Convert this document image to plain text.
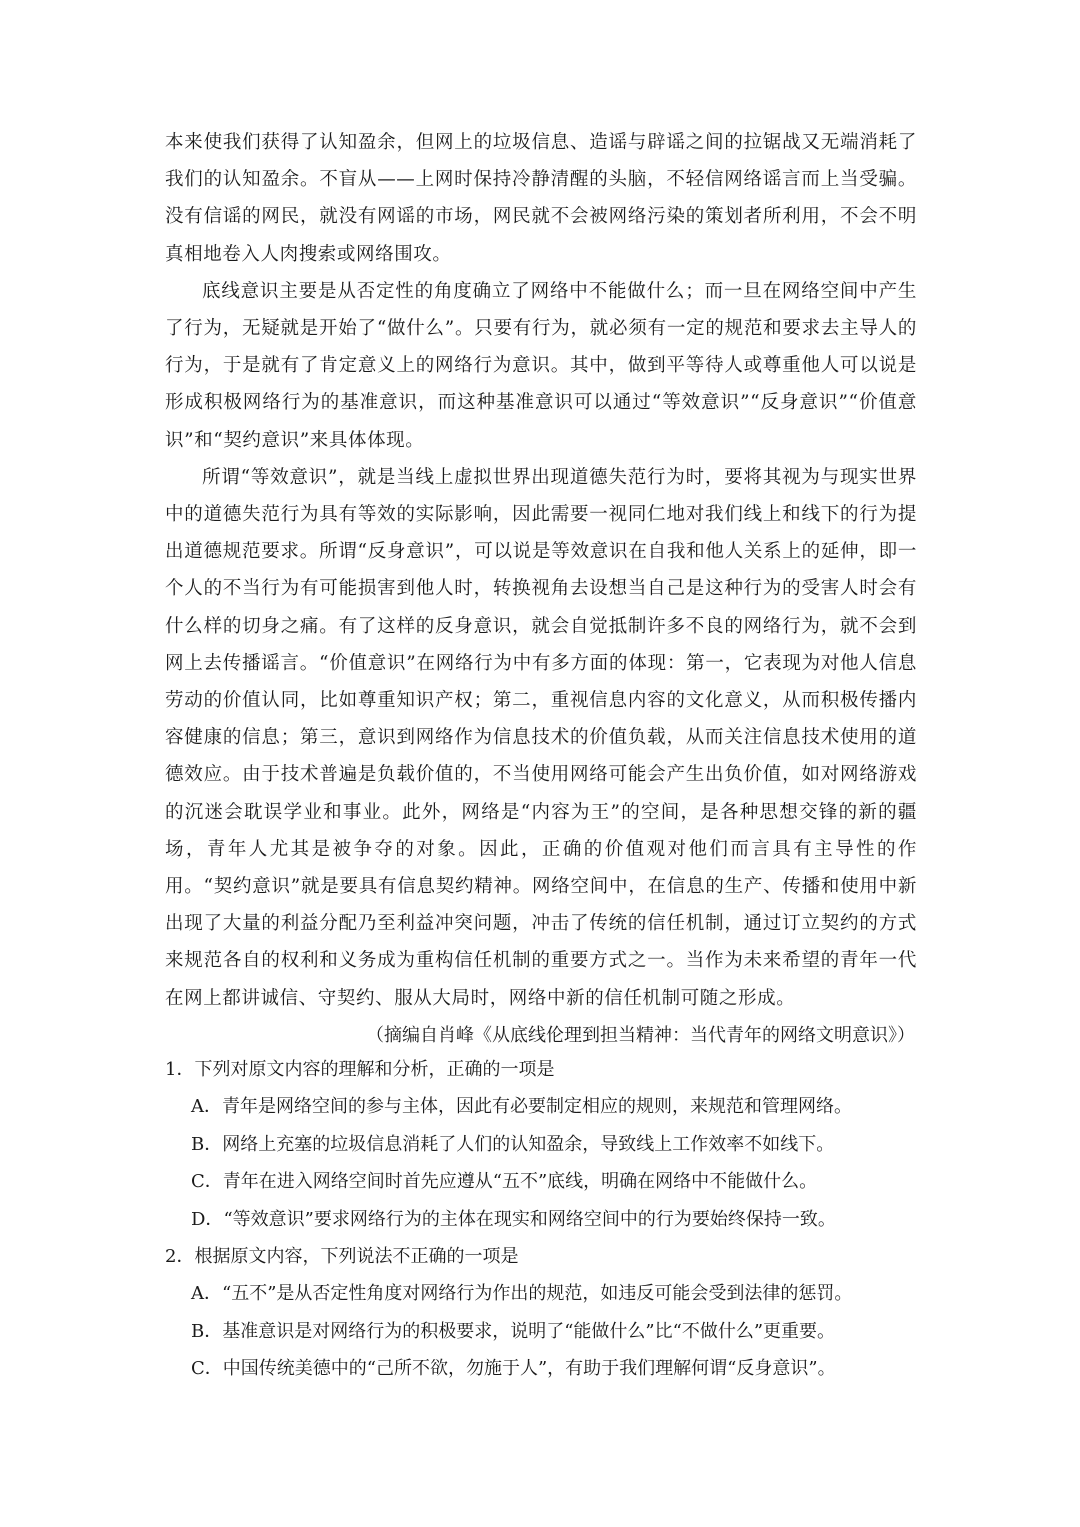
本来使我们获得了认知盈余，但网上的垃圾信息、造谣与辟谣之间的拉锯战又无端消耗了我们的认知盈余。不盲从——上网时保持冷静清醒的头脑，不轻信网络谣言而上当受骗。没有信谣的网民，就没有网谣的市场，网民就不会被网络污染的策划者所利用，不会不明真相地卷入人肉搜索或网络围攻。

底线意识主要是从否定性的角度确立了网络中不能做什么；而一旦在网络空间中产生了行为，无疑就是开始了“做什么”。只要有行为，就必须有一定的规范和要求去主导人的行为，于是就有了肯定意义上的网络行为意识。其中，做到平等待人或尊重他人可以说是形成积极网络行为的基准意识，而这种基准意识可以通过“等效意识”“反身意识”“价值意识”和“契约意识”来具体体现。

所谓“等效意识”，就是当线上虚拟世界出现道德失范行为时，要将其视为与现实世界中的道德失范行为具有等效的实际影响，因此需要一视同仁地对我们线上和线下的行为提出道德规范要求。所谓“反身意识”，可以说是等效意识在自我和他人关系上的延伸，即一个人的不当行为有可能损害到他人时，转换视角去设想当自己是这种行为的受害人时会有什么样的切身之痛。有了这样的反身意识，就会自觉抵制许多不良的网络行为，就不会到网上去传播谣言。“价值意识”在网络行为中有多方面的体现：第一，它表现为对他人信息劳动的价值认同，比如尊重知识产权；第二，重视信息内容的文化意义，从而积极传播内容健康的信息；第三，意识到网络作为信息技术的价值负载，从而关注信息技术使用的道德效应。由于技术普遍是负载价值的，不当使用网络可能会产生出负价值，如对网络游戏的沉迷会耽误学业和事业。此外，网络是“内容为王”的空间，是各种思想交锋的新的疆场，青年人尤其是被争夺的对象。因此，正确的价值观对他们而言具有主导性的作用。“契约意识”就是要具有信息契约精神。网络空间中，在信息的生产、传播和使用中新出现了大量的利益分配乃至利益冲突问题，冲击了传统的信任机制，通过订立契约的方式来规范各自的权利和义务成为重构信任机制的重要方式之一。当作为未来希望的青年一代在网上都讲诚信、守契约、服从大局时，网络中新的信任机制可随之形成。

（摘编自肖峰《从底线伦理到担当精神：当代青年的网络文明意识》）

1．下列对原文内容的理解和分析，正确的一项是

A．青年是网络空间的参与主体，因此有必要制定相应的规则，来规范和管理网络。

B．网络上充塞的垃圾信息消耗了人们的认知盈余，导致线上工作效率不如线下。

C．青年在进入网络空间时首先应遵从“五不”底线，明确在网络中不能做什么。

D．“等效意识”要求网络行为的主体在现实和网络空间中的行为要始终保持一致。

2．根据原文内容，下列说法不正确的一项是

A．“五不”是从否定性角度对网络行为作出的规范，如违反可能会受到法律的惩罚。

B．基准意识是对网络行为的积极要求，说明了“能做什么”比“不做什么”更重要。

C．中国传统美德中的“己所不欲，勿施于人”，有助于我们理解何谓“反身意识”。
